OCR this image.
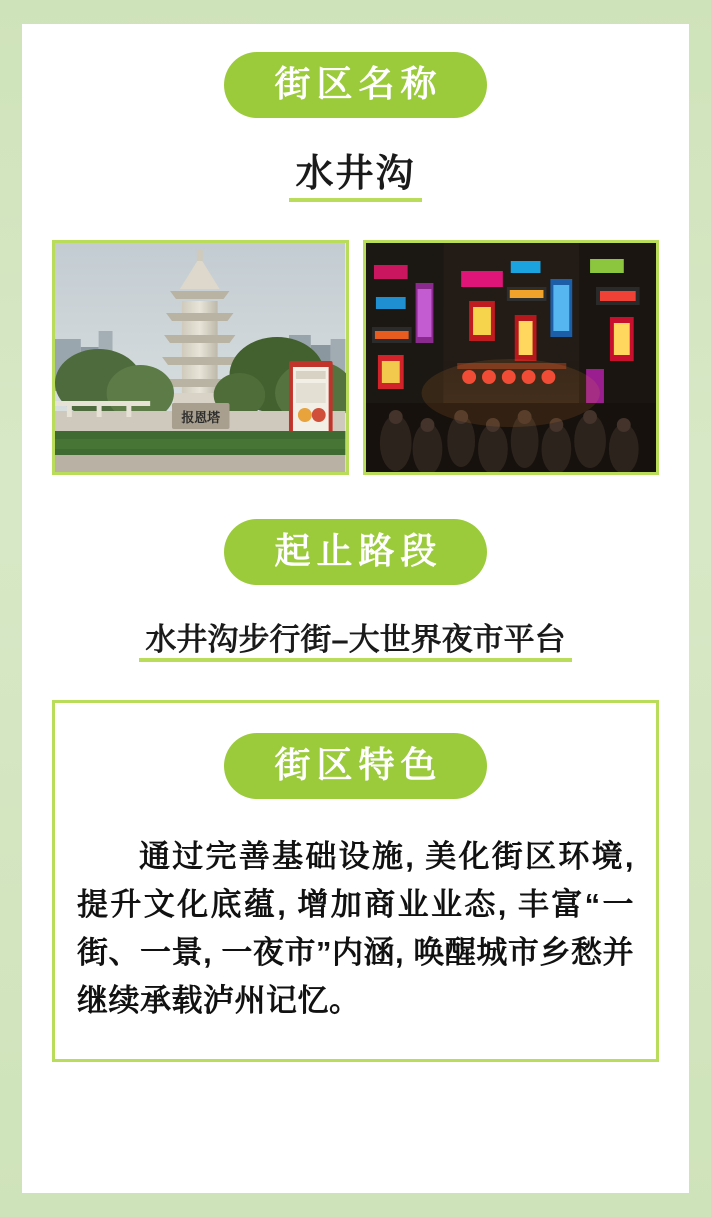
街区名称
水井沟
报恩塔
起止路段
水井沟步行街–大世界夜市平台
街区特色
通过完善基础设施, 美化街区环境, 提升文化底蕴, 增加商业业态, 丰富“一街、一景, 一夜市”内涵, 唤醒城市乡愁并继续承载泸州记忆。
